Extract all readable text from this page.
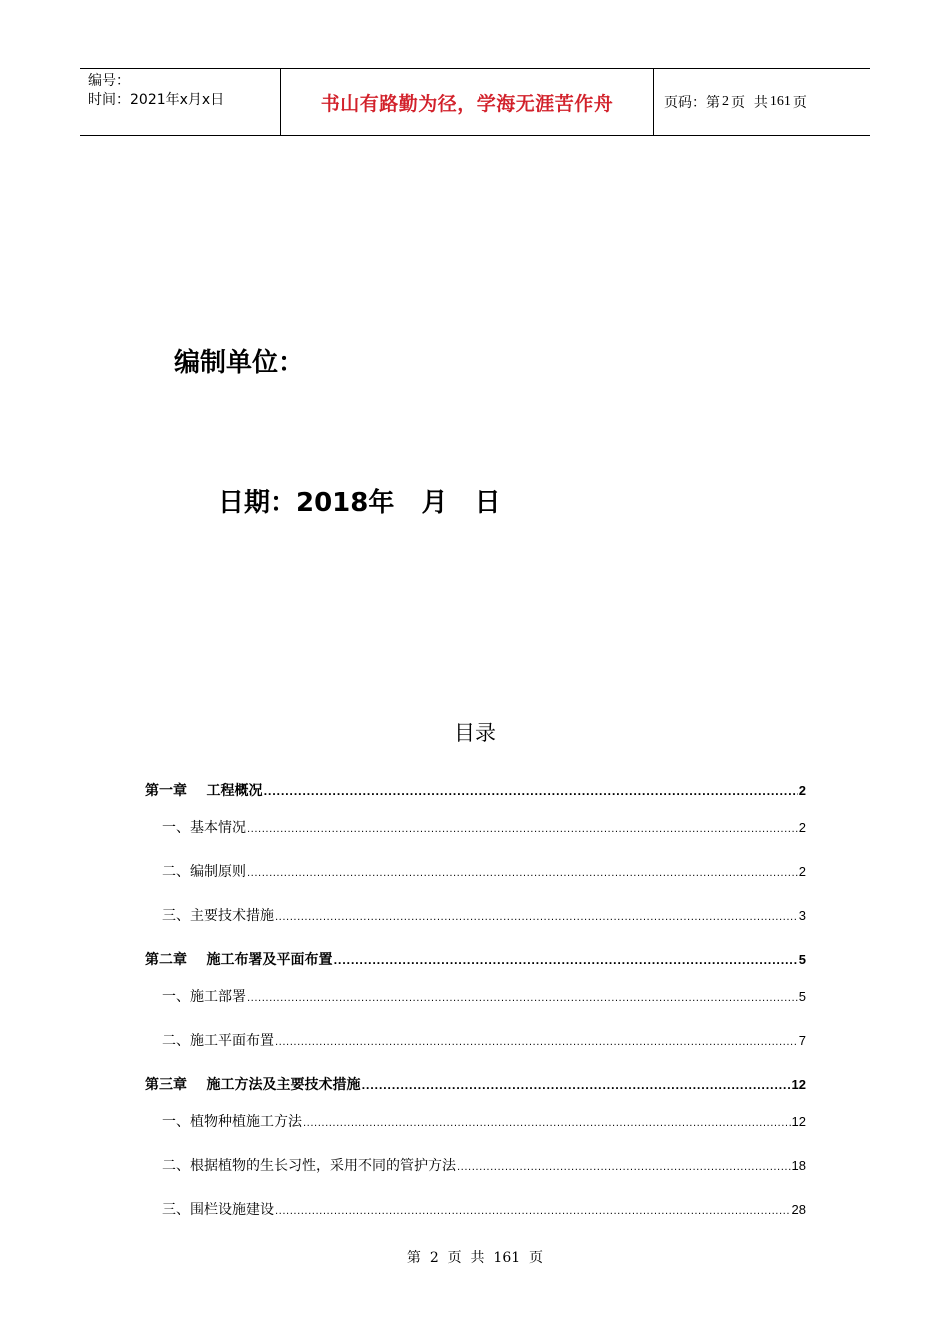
编号：
时间：2021年x月x日	书山有路勤为径，学海无涯苦作舟	页码：第 2 页  共 161 页
编制单位：
日期：2018年   月   日
目录
第一章    工程概况 .....	2
一、基本情况 .....	2
二、编制原则 .....	2
三、主要技术措施 .....	3
第二章    施工布署及平面布置 .....	5
一、施工部署 .....	5
二、施工平面布置 .....	7
第三章    施工方法及主要技术措施 .....	12
一、植物种植施工方法 .....	12
二、根据植物的生长习性，采用不同的管护方法 .....	18
三、围栏设施建设 .....	28
第  2  页  共  161  页
